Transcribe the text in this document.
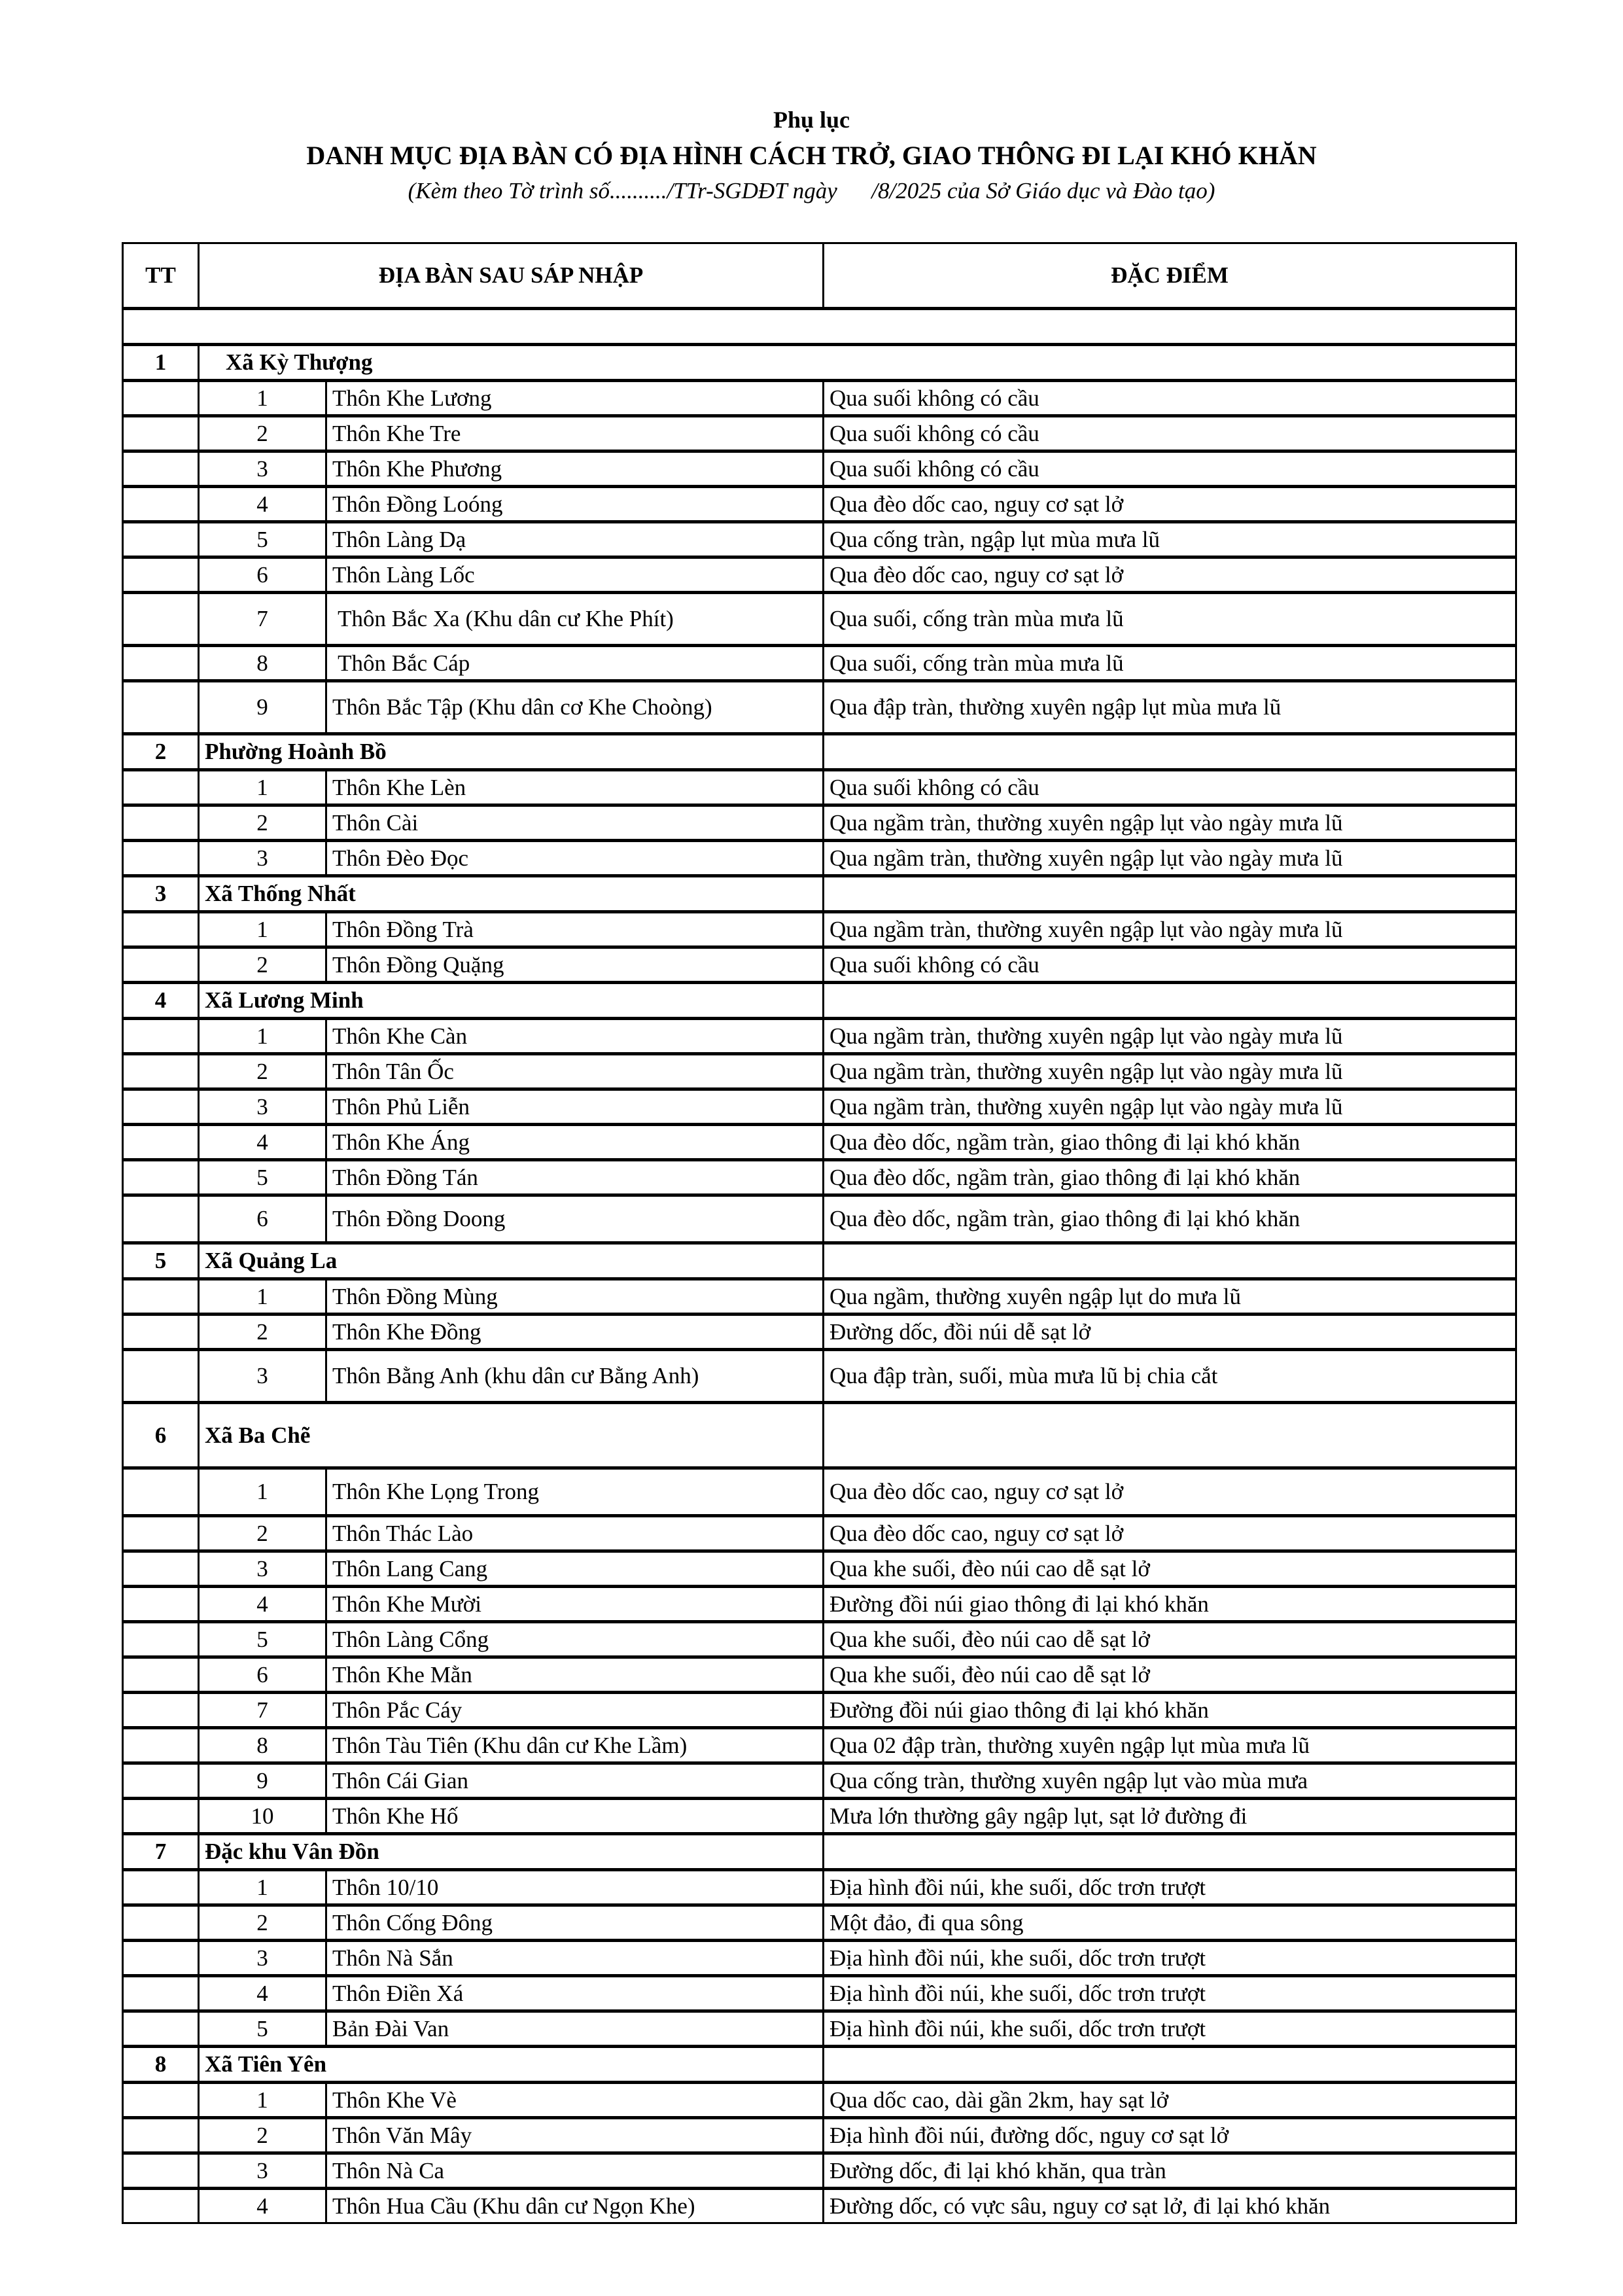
Phụ lục
DANH MỤC ĐỊA BÀN CÓ ĐỊA HÌNH CÁCH TRỞ, GIAO THÔNG ĐI LẠI KHÓ KHĂN
(Kèm theo Tờ trình số........../TTr-SGDĐT ngày      /8/2025 của Sở Giáo dục và Đào tạo)
TT	ĐỊA BÀN SAU SÁP NHẬP		ĐẶC ĐIỂM

1	Xã Kỳ Thượng		
	1	Thôn Khe Lương	Qua suối không có cầu
	2	Thôn Khe Tre	Qua suối không có cầu
	3	Thôn Khe Phương	Qua suối không có cầu
	4	Thôn Đồng Loóng	Qua đèo dốc cao, nguy cơ sạt lở
	5	Thôn Làng Dạ	Qua cống tràn, ngập lụt mùa mưa lũ
	6	Thôn Làng Lốc	Qua đèo dốc cao, nguy cơ sạt lở
	7	Thôn Bắc Xa (Khu dân cư Khe Phít)	Qua suối, cống tràn mùa mưa lũ
	8	Thôn Bắc Cáp	Qua suối, cống tràn mùa mưa lũ
	9	Thôn Bắc Tập (Khu dân cơ Khe Choòng)	Qua đập tràn, thường xuyên ngập lụt mùa mưa lũ
2	Phường Hoành Bồ		
	1	Thôn Khe Lèn	Qua suối không có cầu
	2	Thôn Cài	Qua ngầm tràn, thường xuyên ngập lụt vào ngày mưa lũ
	3	Thôn Đèo Đọc	Qua ngầm tràn, thường xuyên ngập lụt vào ngày mưa lũ
3	Xã Thống Nhất		
	1	Thôn Đồng Trà	Qua ngầm tràn, thường xuyên ngập lụt vào ngày mưa lũ
	2	Thôn Đồng Quặng	Qua suối không có cầu
4	Xã Lương Minh		
	1	Thôn Khe Càn	Qua ngầm tràn, thường xuyên ngập lụt vào ngày mưa lũ
	2	Thôn Tân Ốc	Qua ngầm tràn, thường xuyên ngập lụt vào ngày mưa lũ
	3	Thôn Phủ Liễn	Qua ngầm tràn, thường xuyên ngập lụt vào ngày mưa lũ
	4	Thôn Khe Áng	Qua đèo dốc, ngầm tràn, giao thông đi lại khó khăn
	5	Thôn Đồng Tán	Qua đèo dốc, ngầm tràn, giao thông đi lại khó khăn
	6	Thôn Đồng Doong	Qua đèo dốc, ngầm tràn, giao thông đi lại khó khăn
5	Xã Quảng La		
	1	Thôn Đồng Mùng	Qua ngầm, thường xuyên ngập lụt do mưa lũ
	2	Thôn Khe Đồng	Đường dốc, đồi núi dễ sạt lở
	3	Thôn Bằng Anh (khu dân cư Bằng Anh)	Qua đập tràn, suối, mùa mưa lũ bị chia cắt
6	Xã Ba Chẽ		
	1	Thôn Khe Lọng Trong	Qua đèo dốc cao, nguy cơ sạt lở
	2	Thôn Thác Lào	Qua đèo dốc cao, nguy cơ sạt lở
	3	Thôn Lang Cang	Qua khe suối, đèo núi cao dễ sạt lở
	4	Thôn Khe Mười	Đường đồi núi giao thông đi lại khó khăn
	5	Thôn Làng Cổng	Qua khe suối, đèo núi cao dễ sạt lở
	6	Thôn Khe Mằn	Qua khe suối, đèo núi cao dễ sạt lở
	7	Thôn Pắc Cáy	Đường đồi núi giao thông đi lại khó khăn
	8	Thôn Tàu Tiên (Khu dân cư Khe Lầm)	Qua 02 đập tràn, thường xuyên ngập lụt mùa mưa lũ
	9	Thôn Cái Gian	Qua cống tràn, thường xuyên ngập lụt vào mùa mưa
	10	Thôn Khe Hố	Mưa lớn thường gây ngập lụt, sạt lở đường đi
7	Đặc khu Vân Đồn		
	1	Thôn 10/10	Địa hình đồi núi, khe suối, dốc trơn trượt
	2	Thôn Cống Đông	Một đảo, đi qua sông
	3	Thôn Nà Sắn	Địa hình đồi núi, khe suối, dốc trơn trượt
	4	Thôn Điền Xá	Địa hình đồi núi, khe suối, dốc trơn trượt
	5	Bản Đài Van	Địa hình đồi núi, khe suối, dốc trơn trượt
8	Xã Tiên Yên		
	1	Thôn Khe Vè	Qua dốc cao, dài gần 2km, hay sạt lở
	2	Thôn Văn Mây	Địa hình đồi núi, đường dốc, nguy cơ sạt lở
	3	Thôn Nà Ca	Đường dốc, đi lại khó khăn, qua tràn
	4	Thôn Hua Cầu (Khu dân cư Ngọn Khe)	Đường dốc, có vực sâu, nguy cơ sạt lở, đi lại khó khăn
